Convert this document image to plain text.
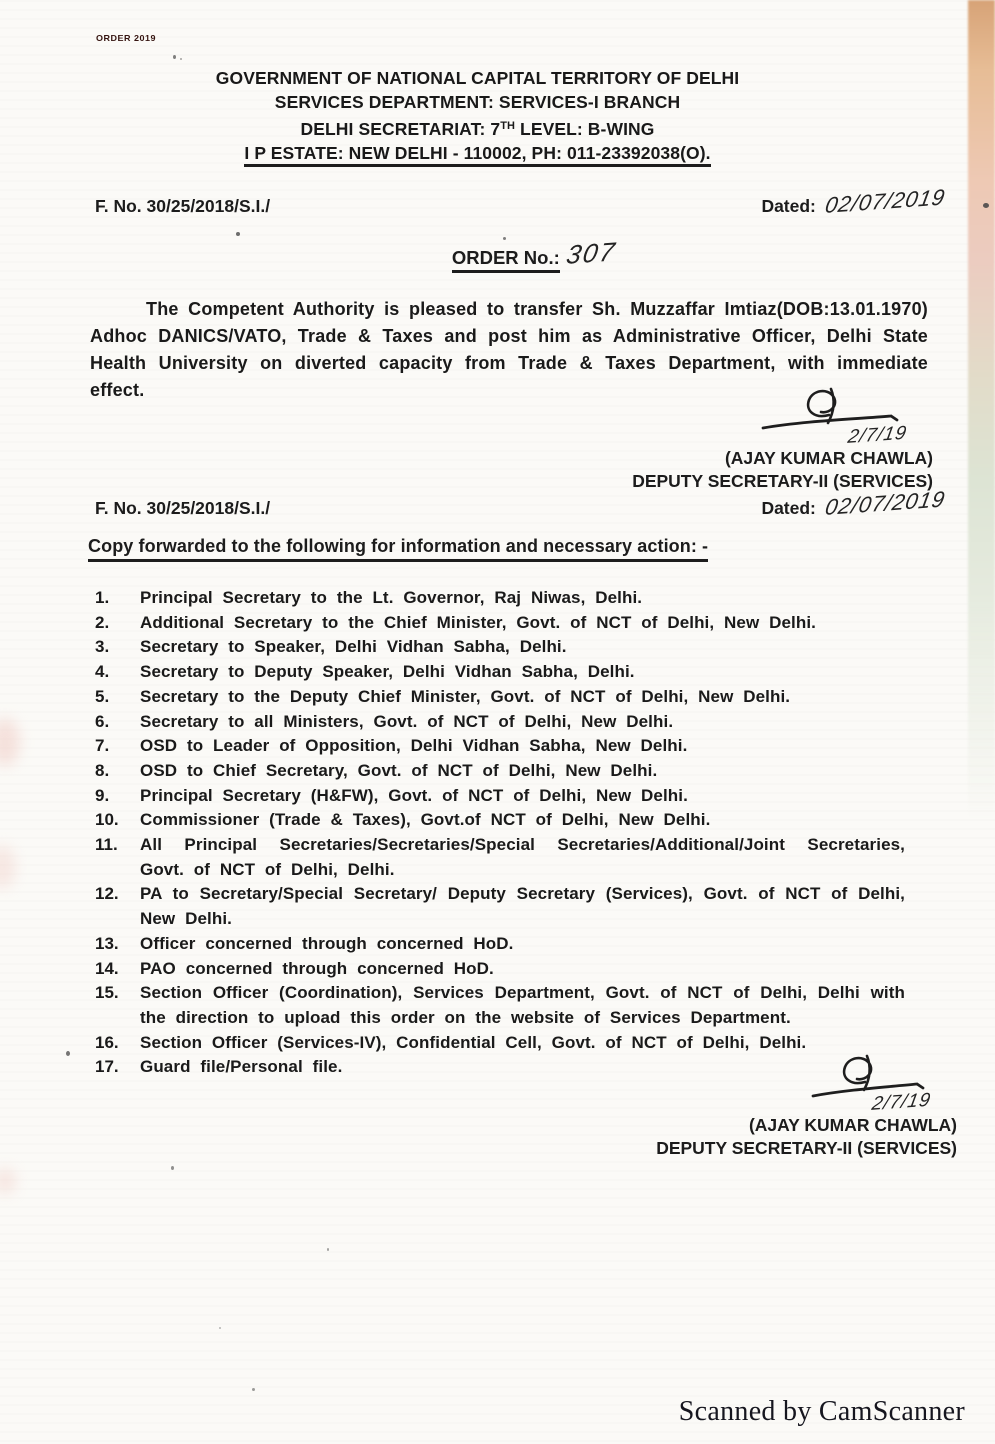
ORDER 2019
GOVERNMENT OF NATIONAL CAPITAL TERRITORY OF DELHI
SERVICES DEPARTMENT: SERVICES-I BRANCH
DELHI SECRETARIAT: 7TH LEVEL: B-WING
I P ESTATE: NEW DELHI - 110002, PH: 011-23392038(O).
F. No. 30/25/2018/S.I./	Dated: 02/07/2019
ORDER No.: 307
The Competent Authority is pleased to transfer Sh. Muzzaffar Imtiaz(DOB:13.01.1970) Adhoc DANICS/VATO, Trade & Taxes and post him as Administrative Officer, Delhi State Health University on diverted capacity from Trade & Taxes Department, with immediate effect.
2/7/19
(AJAY KUMAR CHAWLA)
DEPUTY SECRETARY-II (SERVICES)
F. No. 30/25/2018/S.I./	Dated: 02/07/2019
Copy forwarded to the following for information and necessary action: -
1.	Principal Secretary to the Lt. Governor, Raj Niwas, Delhi.
2.	Additional Secretary to the Chief Minister, Govt. of NCT of Delhi, New Delhi.
3.	Secretary to Speaker, Delhi Vidhan Sabha, Delhi.
4.	Secretary to Deputy Speaker, Delhi Vidhan Sabha, Delhi.
5.	Secretary to the Deputy Chief Minister, Govt. of NCT of Delhi, New Delhi.
6.	Secretary to all Ministers, Govt. of NCT of Delhi, New Delhi.
7.	OSD to Leader of Opposition, Delhi Vidhan Sabha, New Delhi.
8.	OSD to Chief Secretary, Govt. of NCT of Delhi, New Delhi.
9.	Principal Secretary (H&FW), Govt. of NCT of Delhi, New Delhi.
10.	Commissioner (Trade & Taxes), Govt.of NCT of Delhi, New Delhi.
11.	All Principal Secretaries/Secretaries/Special Secretaries/Additional/Joint Secretaries, Govt. of NCT of Delhi, Delhi.
12.	PA to Secretary/Special Secretary/ Deputy Secretary (Services), Govt. of NCT of Delhi, New Delhi.
13.	Officer concerned through concerned HoD.
14.	PAO concerned through concerned HoD.
15.	Section Officer (Coordination), Services Department, Govt. of NCT of Delhi, Delhi with the direction to upload this order on the website of Services Department.
16.	Section Officer (Services-IV), Confidential Cell, Govt. of NCT of Delhi, Delhi.
17.	Guard file/Personal file.
2/7/19
(AJAY KUMAR CHAWLA)
DEPUTY SECRETARY-II (SERVICES)
Scanned by CamScanner
